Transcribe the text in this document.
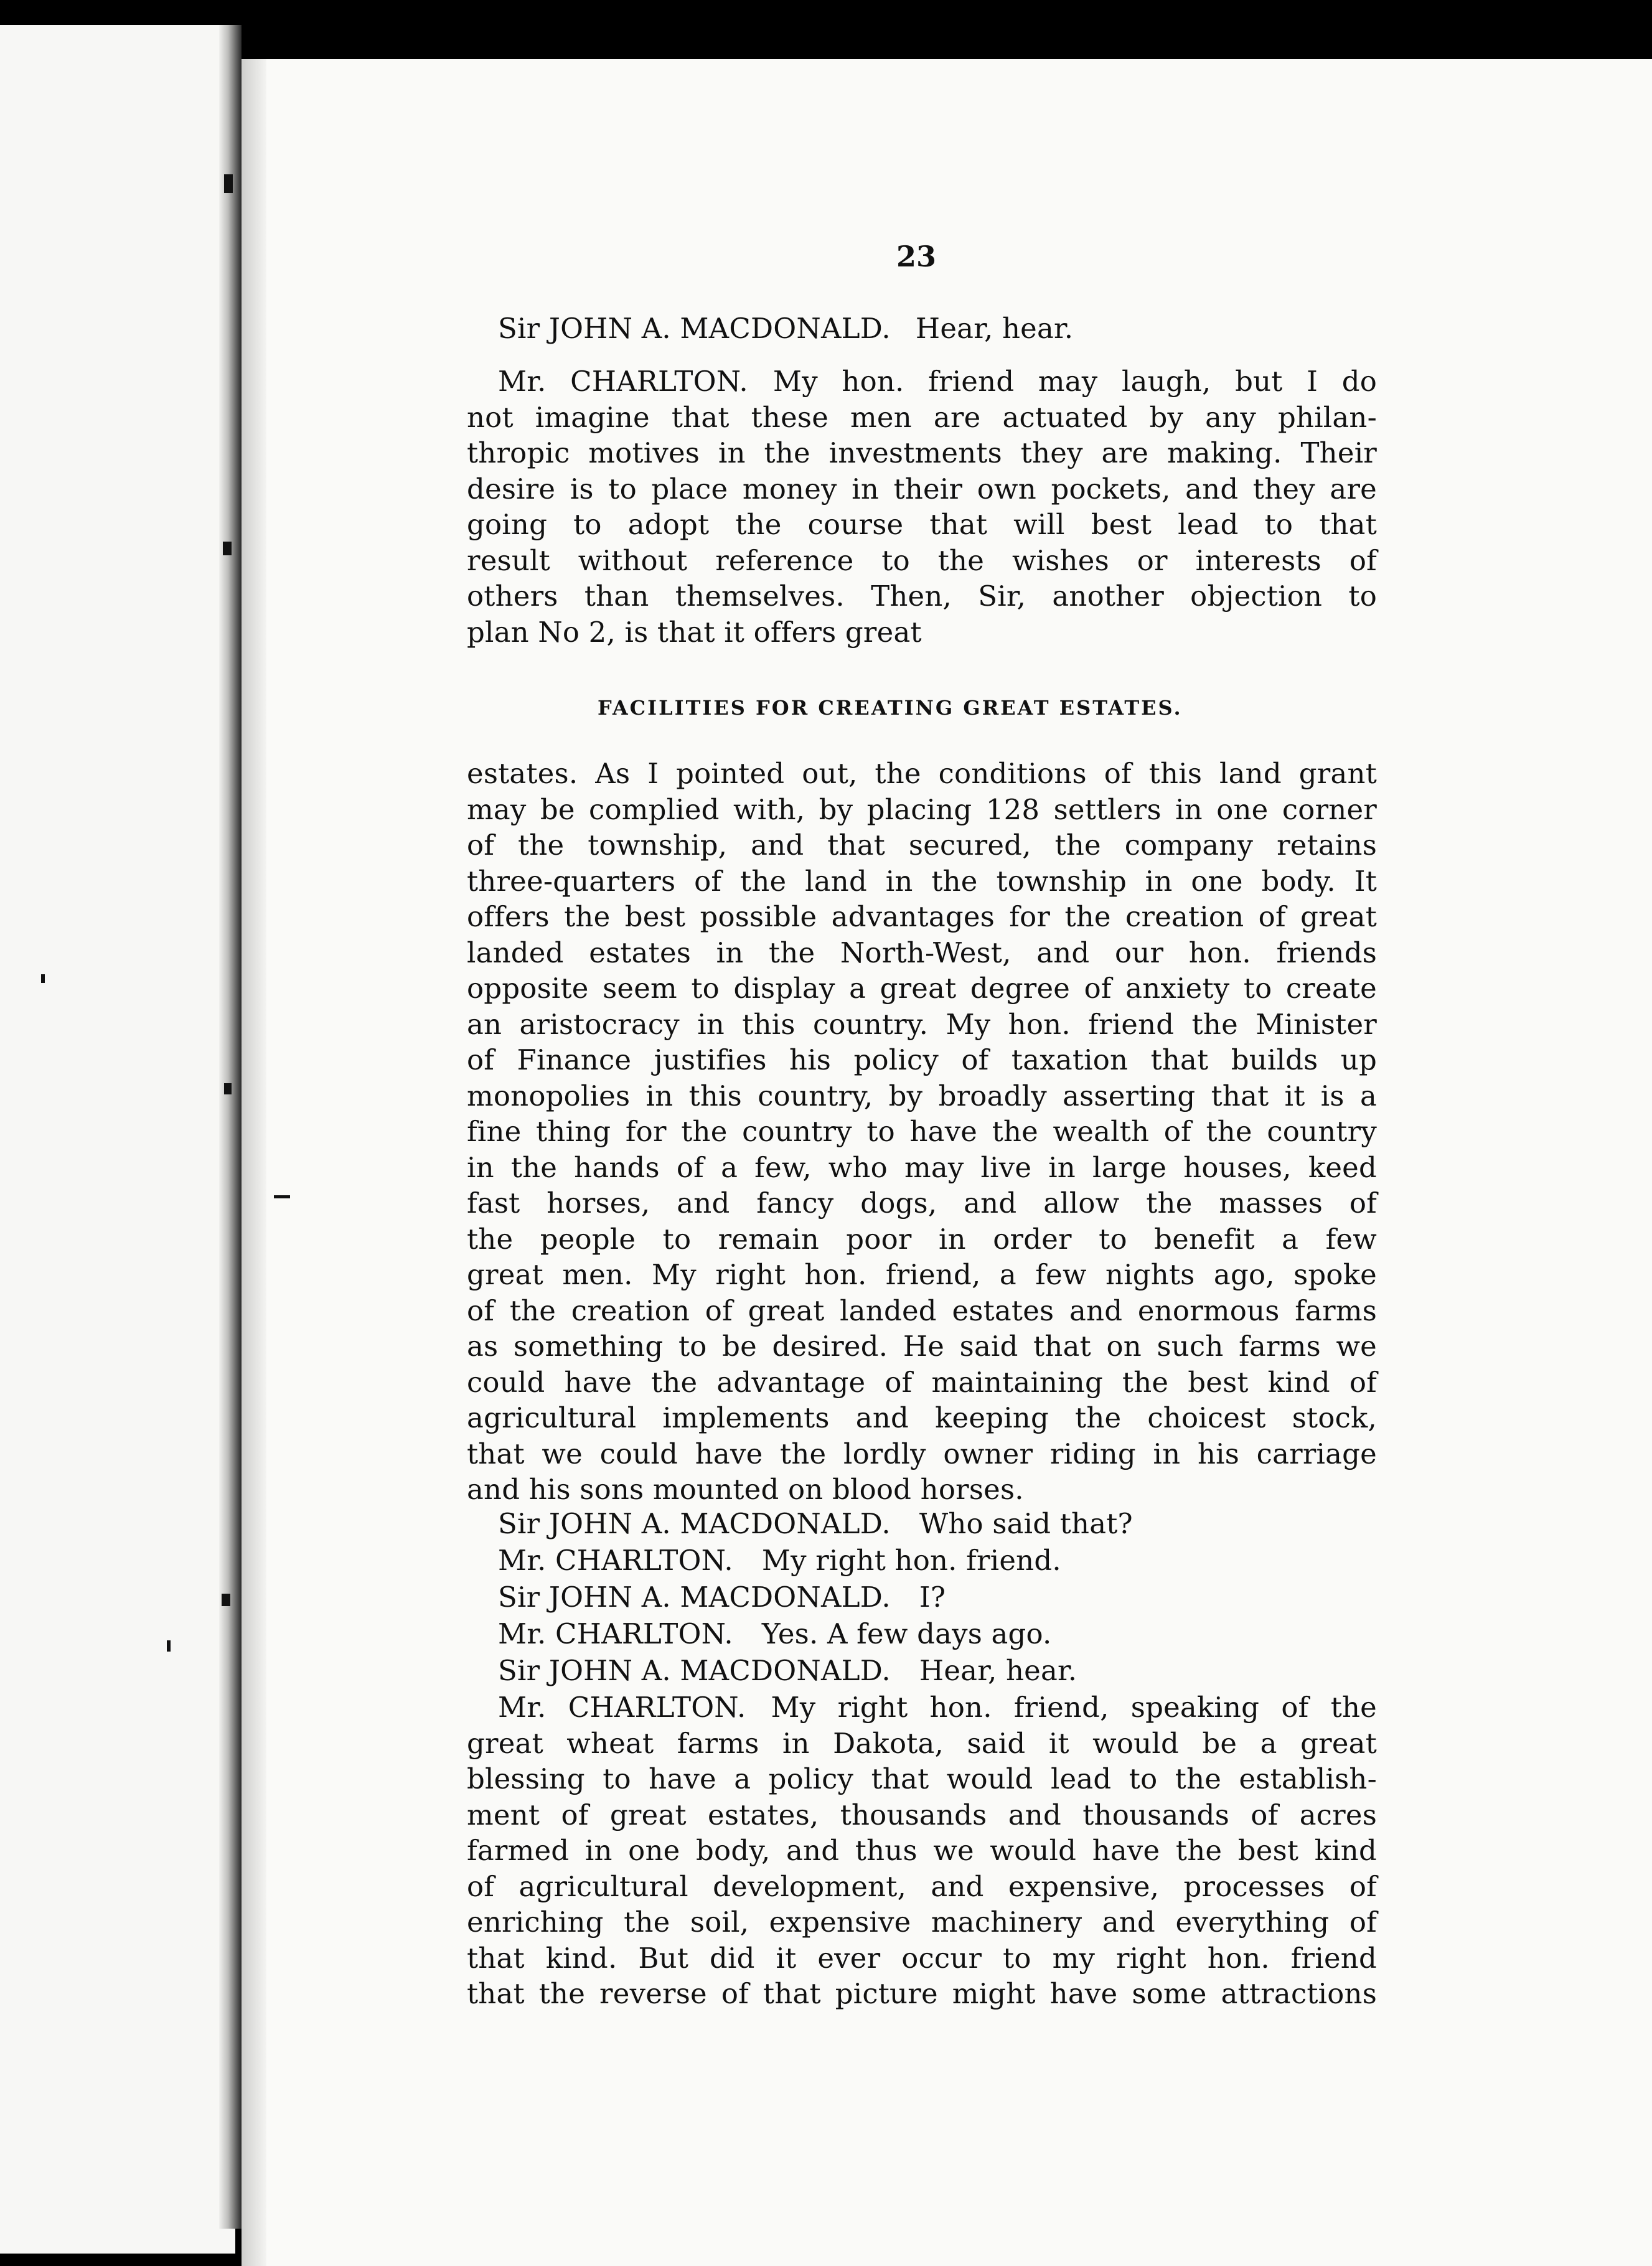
23
Sir JOHN A. MACDONALD. Hear, hear.
Mr. CHARLTON. My hon. friend may laugh, but I do
not imagine that these men are actuated by any philan-
thropic motives in the investments they are making. Their
desire is to place money in their own pockets, and they are
going to adopt the course that will best lead to that
result without reference to the wishes or interests of
others than themselves. Then, Sir, another objection to
plan No 2, is that it offers great
FACILITIES FOR CREATING GREAT ESTATES.
estates. As I pointed out, the conditions of this land grant
may be complied with, by placing 128 settlers in one corner
of the township, and that secured, the company retains
three-quarters of the land in the township in one body. It
offers the best possible advantages for the creation of great
landed estates in the North-West, and our hon. friends
opposite seem to display a great degree of anxiety to create
an aristocracy in this country. My hon. friend the Minister
of Finance justifies his policy of taxation that builds up
monopolies in this country, by broadly asserting that it is a
fine thing for the country to have the wealth of the country
in the hands of a few, who may live in large houses, keed
fast horses, and fancy dogs, and allow the masses of
the people to remain poor in order to benefit a few
great men. My right hon. friend, a few nights ago, spoke
of the creation of great landed estates and enormous farms
as something to be desired. He said that on such farms we
could have the advantage of maintaining the best kind of
agricultural implements and keeping the choicest stock,
that we could have the lordly owner riding in his carriage
and his sons mounted on blood horses.
Sir JOHN A. MACDONALD. Who said that?
Mr. CHARLTON. My right hon. friend.
Sir JOHN A. MACDONALD. I?
Mr. CHARLTON. Yes. A few days ago.
Sir JOHN A. MACDONALD. Hear, hear.
Mr. CHARLTON. My right hon. friend, speaking of the
great wheat farms in Dakota, said it would be a great
blessing to have a policy that would lead to the establish-
ment of great estates, thousands and thousands of acres
farmed in one body, and thus we would have the best kind
of agricultural development, and expensive, processes of
enriching the soil, expensive machinery and everything of
that kind. But did it ever occur to my right hon. friend
that the reverse of that picture might have some attractions
